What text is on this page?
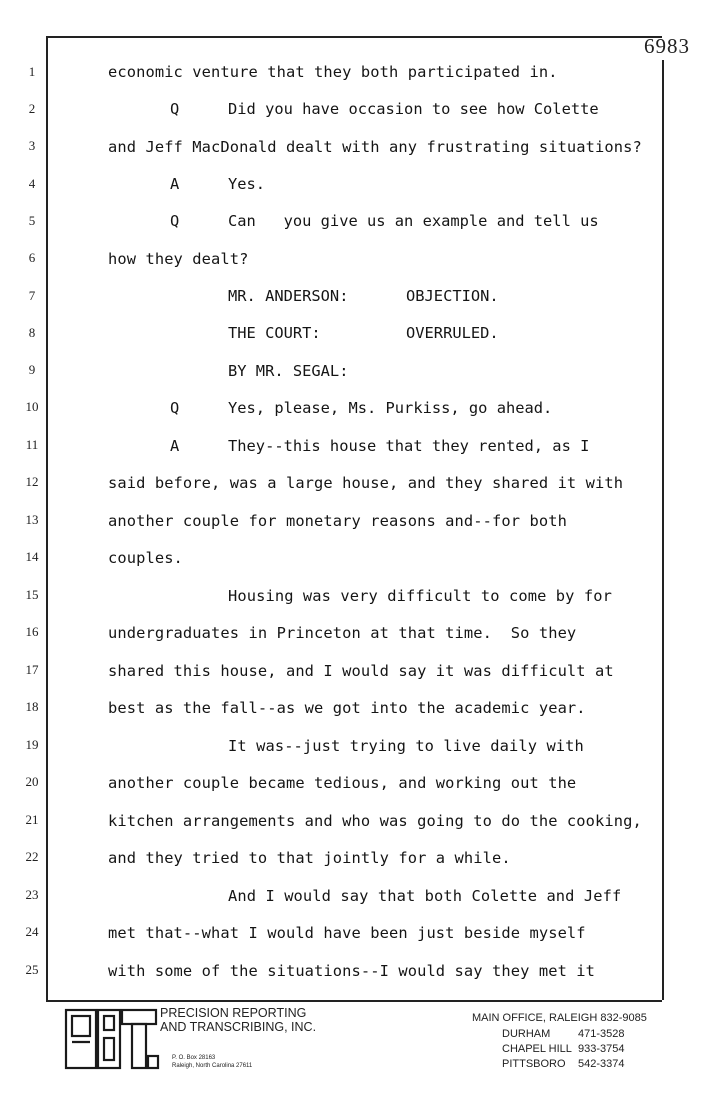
6983
1
2
3
4
5
6
7
8
9
10
11
12
13
14
15
16
17
18
19
20
21
22
23
24
25
economic venture that they both participated in.
Q	Did you have occasion to see how Colette
and Jeff MacDonald dealt with any frustrating situations?
A	Yes.
Q	Can   you give us an example and tell us
how they dealt?
MR. ANDERSON:	OBJECTION.
THE COURT:	OVERRULED.
BY MR. SEGAL:
Q	Yes, please, Ms. Purkiss, go ahead.
A	They--this house that they rented, as I
said before, was a large house, and they shared it with
another couple for monetary reasons and--for both
couples.
Housing was very difficult to come by for
undergraduates in Princeton at that time.  So they
shared this house, and I would say it was difficult at
best as the fall--as we got into the academic year.
It was--just trying to live daily with
another couple became tedious, and working out the
kitchen arrangements and who was going to do the cooking,
and they tried to that jointly for a while.
And I would say that both Colette and Jeff
met that--what I would have been just beside myself
with some of the situations--I would say they met it
PRECISION REPORTING
AND TRANSCRIBING, INC.
P. O. Box 28163
Raleigh, North Carolina 27611
MAIN OFFICE, RALEIGH 832-9085
DURHAM	471-3528
CHAPEL HILL 933-3754
PITTSBORO 542-3374
